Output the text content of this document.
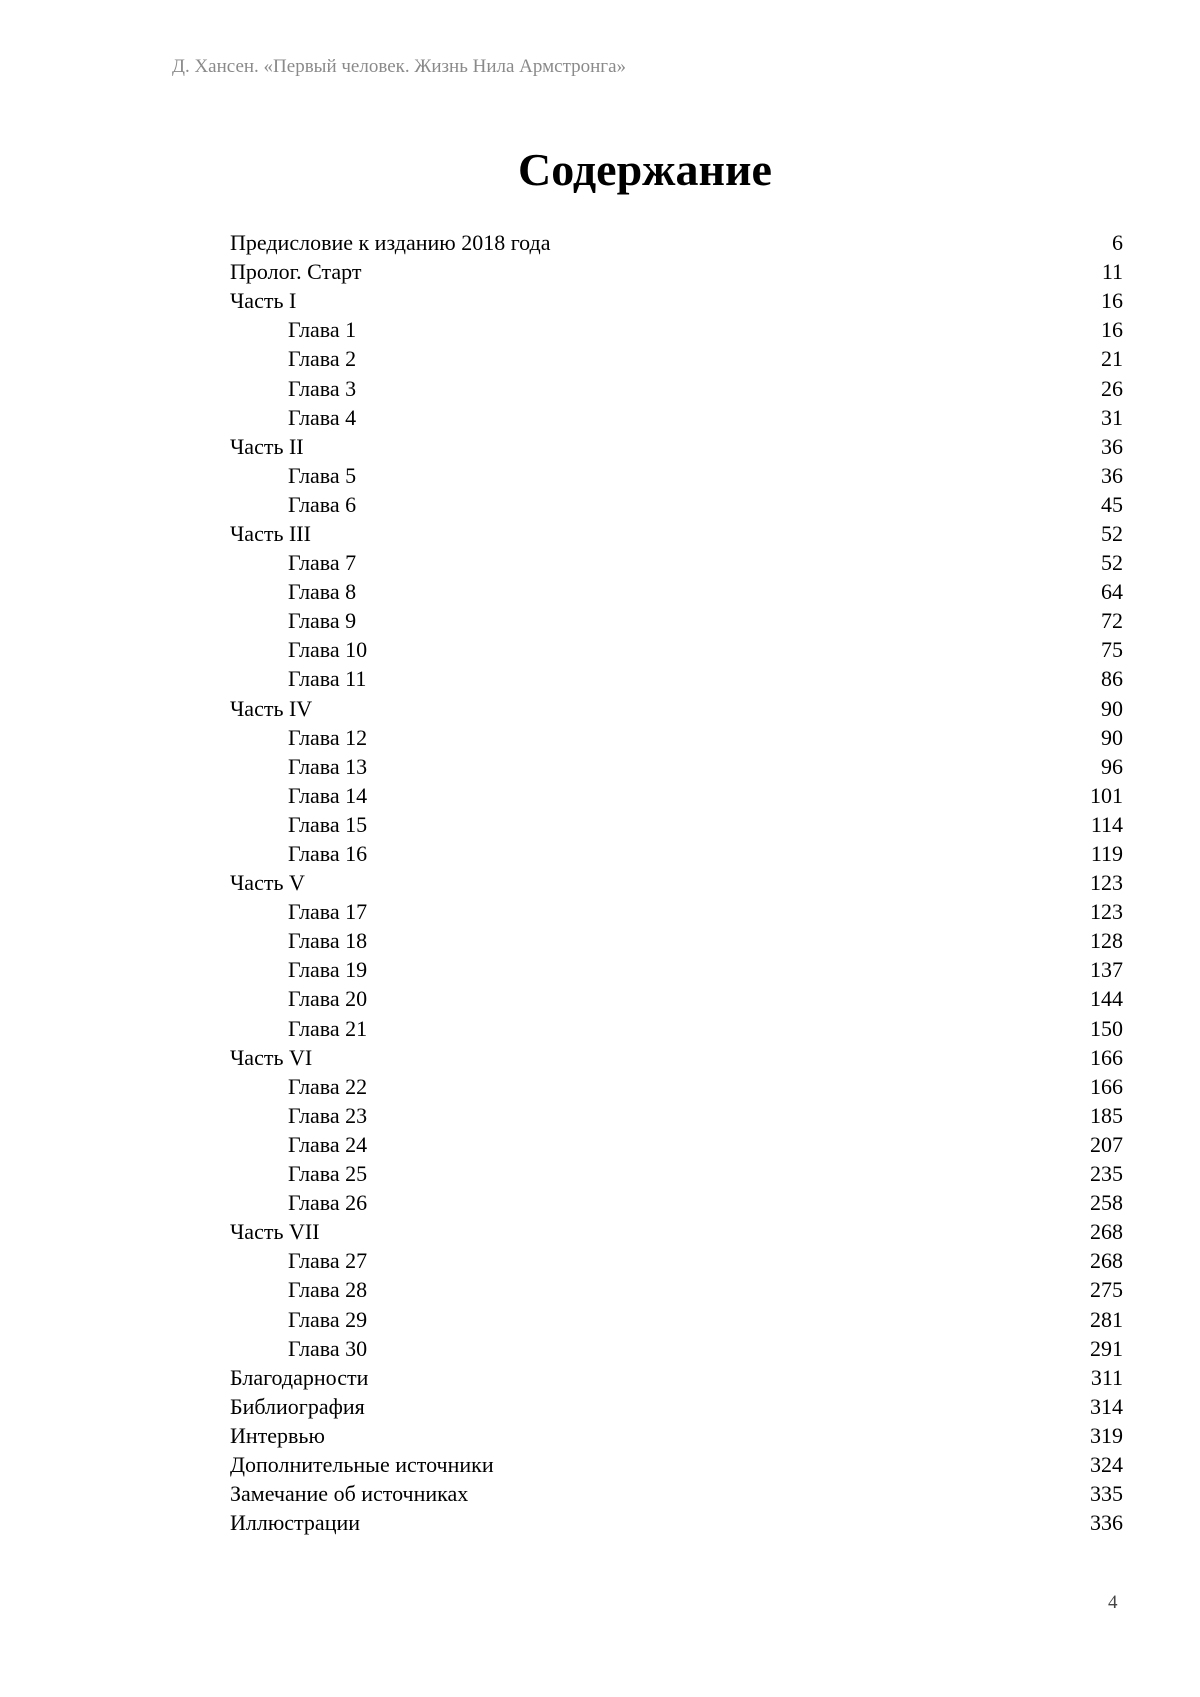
Д. Хансен. «Первый человек. Жизнь Нила Армстронга»
Содержание
Предисловие к изданию 2018 года	6
Пролог. Старт	11
Часть I	16
Глава 1	16
Глава 2	21
Глава 3	26
Глава 4	31
Часть II	36
Глава 5	36
Глава 6	45
Часть III	52
Глава 7	52
Глава 8	64
Глава 9	72
Глава 10	75
Глава 11	86
Часть IV	90
Глава 12	90
Глава 13	96
Глава 14	101
Глава 15	114
Глава 16	119
Часть V	123
Глава 17	123
Глава 18	128
Глава 19	137
Глава 20	144
Глава 21	150
Часть VI	166
Глава 22	166
Глава 23	185
Глава 24	207
Глава 25	235
Глава 26	258
Часть VII	268
Глава 27	268
Глава 28	275
Глава 29	281
Глава 30	291
Благодарности	311
Библиография	314
Интервью	319
Дополнительные источники	324
Замечание об источниках	335
Иллюстрации	336
4
